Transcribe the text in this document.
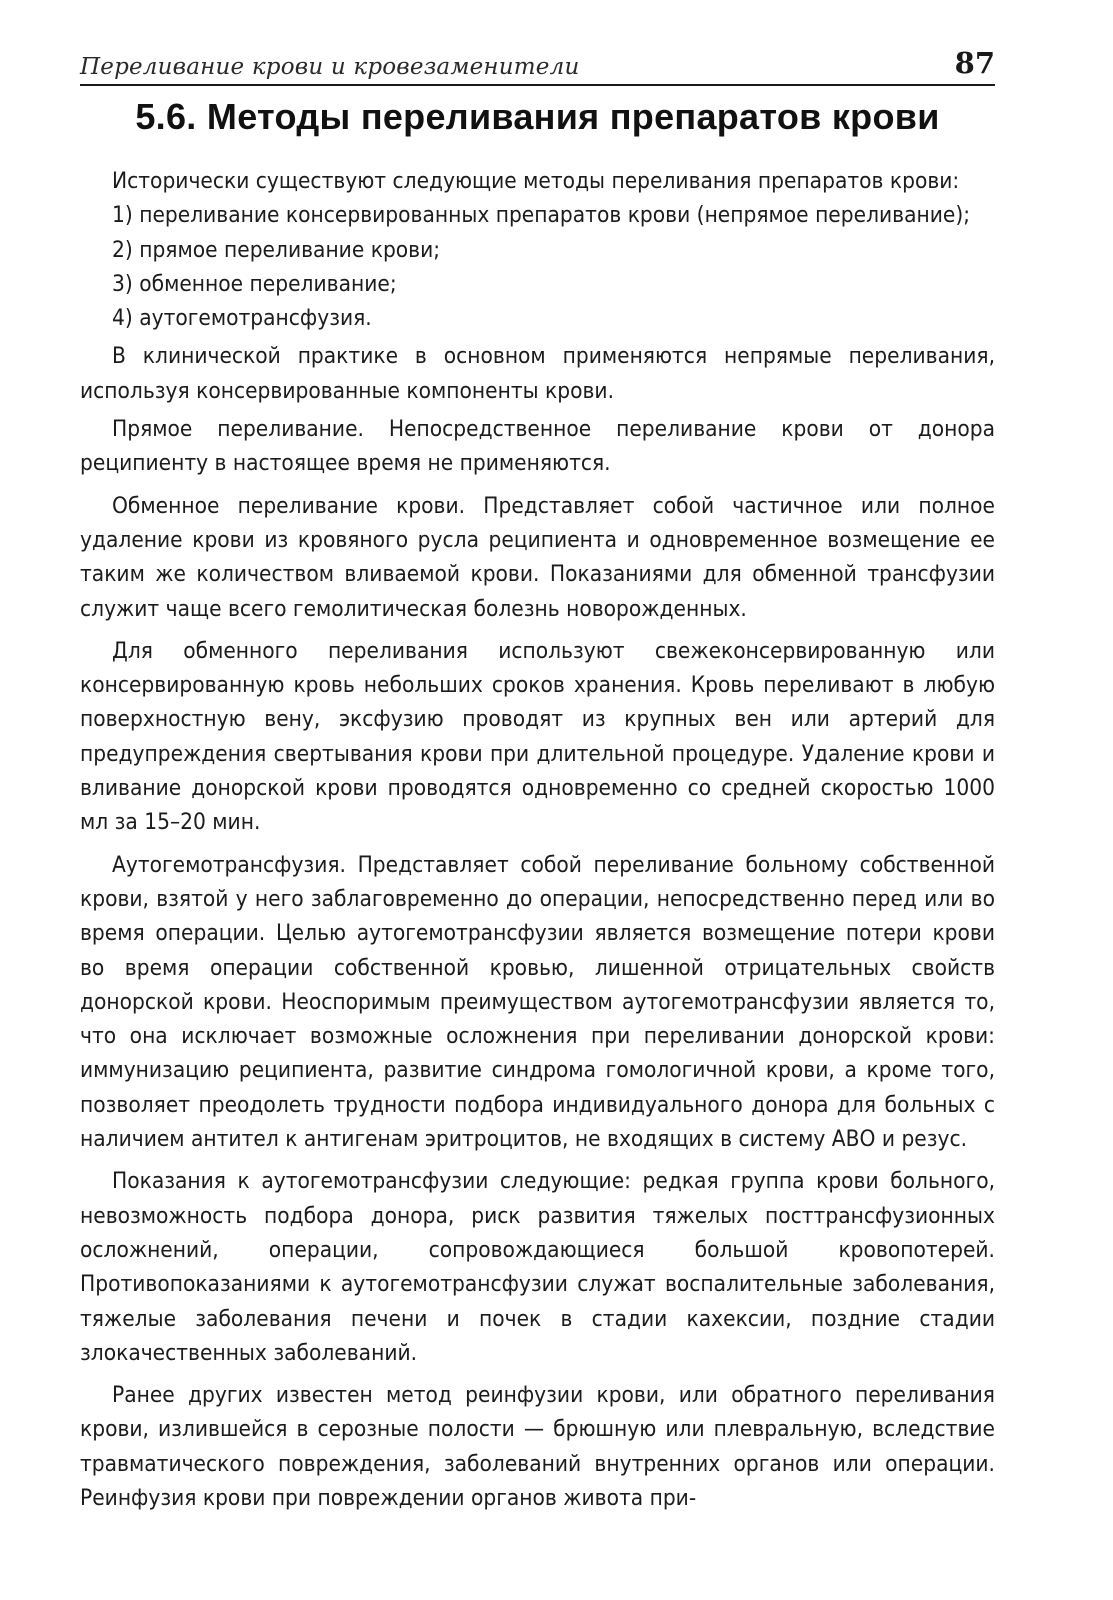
Переливание крови и кровезаменители	87
5.6. Методы переливания препаратов крови

Исторически существуют следующие методы переливания препаратов крови:

1) переливание консервированных препаратов крови (непрямое переливание);

2) прямое переливание крови;

3) обменное переливание;

4) аутогемотрансфузия.

В клинической практике в основном применяются непрямые переливания, используя консервированные компоненты крови.

Прямое переливание. Непосредственное переливание крови от донора реципиенту в настоящее время не применяются.

Обменное переливание крови. Представляет собой частичное или полное удаление крови из кровяного русла реципиента и одновременное возмещение ее таким же количеством вливаемой крови. Показаниями для обменной трансфузии служит чаще всего гемолитическая болезнь новорожденных.

Для обменного переливания используют свежеконсервированную или консервированную кровь небольших сроков хранения. Кровь переливают в любую поверхностную вену, эксфузию проводят из крупных вен или артерий для предупреждения свертывания крови при длительной процедуре. Удаление крови и вливание донорской крови проводятся одновременно со средней скоростью 1000 мл за 15–20 мин.

Аутогемотрансфузия. Представляет собой переливание больному собственной крови, взятой у него заблаговременно до операции, непосредственно перед или во время операции. Целью аутогемотрансфузии является возмещение потери крови во время операции собственной кровью, лишенной отрицательных свойств донорской крови. Неоспоримым преимуществом аутогемотрансфузии является то, что она исключает возможные осложнения при переливании донорской крови: иммунизацию реципиента, развитие синдрома гомологичной крови, а кроме того, позволяет преодолеть трудности подбора индивидуального донора для больных с наличием антител к антигенам эритроцитов, не входящих в систему АВО и резус.

Показания к аутогемотрансфузии следующие: редкая группа крови больного, невозможность подбора донора, риск развития тяжелых посттрансфузионных осложнений, операции, сопровождающиеся большой кровопотерей. Противопоказаниями к аутогемотрансфузии служат воспалительные заболевания, тяжелые заболевания печени и почек в стадии кахексии, поздние стадии злокачественных заболеваний.

Ранее других известен метод реинфузии крови, или обратного переливания крови, излившейся в серозные полости — брюшную или плевральную, вследствие травматического повреждения, заболеваний внутренних органов или операции. Реинфузия крови при повреждении органов живота при-
